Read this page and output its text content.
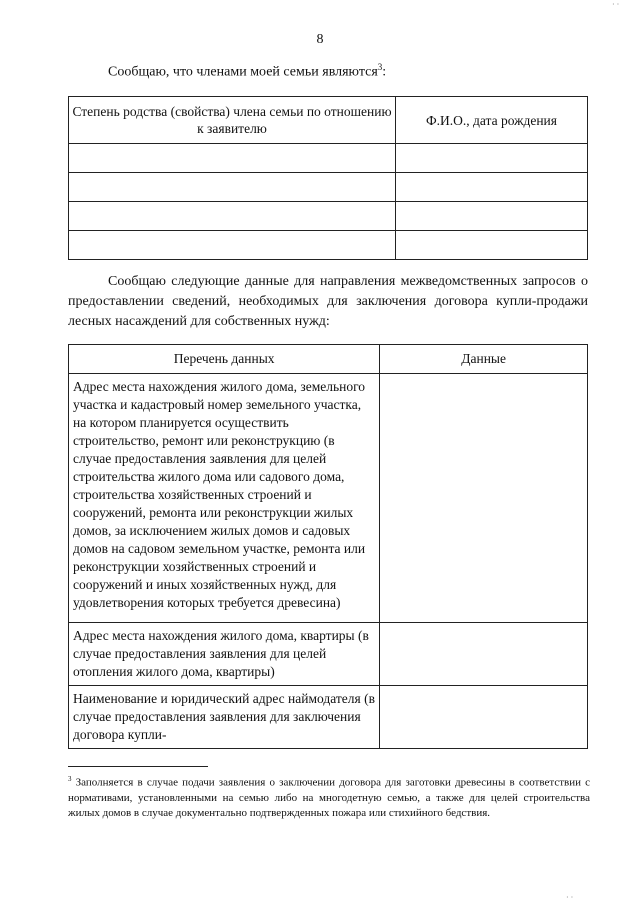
· ·
8
Сообщаю, что членами моей семьи являются$^3$:
Степень родства (свойства) члена семьи по отношению к заявителю	Ф.И.О., дата рождения

Сообщаю следующие данные для направления межведомственных запросов о предоставлении сведений, необходимых для заключения договора купли-продажи лесных насаждений для собственных нужд:
Перечень данных	Данные
Адрес места нахождения жилого дома, земельного участка и кадастровый номер земельного участка, на котором планируется осуществить строительство, ремонт или реконструкцию (в случае предоставления заявления для целей строительства жилого дома или садового дома, строительства хозяйственных строений и сооружений, ремонта или реконструкции жилых домов, за исключением жилых домов и садовых домов на садовом земельном участке, ремонта или реконструкции хозяйственных строений и сооружений и иных хозяйственных нужд, для удовлетворения которых требуется древесина)	
Адрес места нахождения жилого дома, квартиры (в случае предоставления заявления для целей отопления жилого дома, квартиры)	
Наименование и юридический адрес наймодателя (в случае предоставления заявления для заключения договора купли-	
$^3$ Заполняется в случае подачи заявления о заключении договора для заготовки древесины в соответствии с нормативами, установленными на семью либо на многодетную семью, а также для целей строительства жилых домов в случае документально подтвержденных пожара или стихийного бедствия.
· ·
